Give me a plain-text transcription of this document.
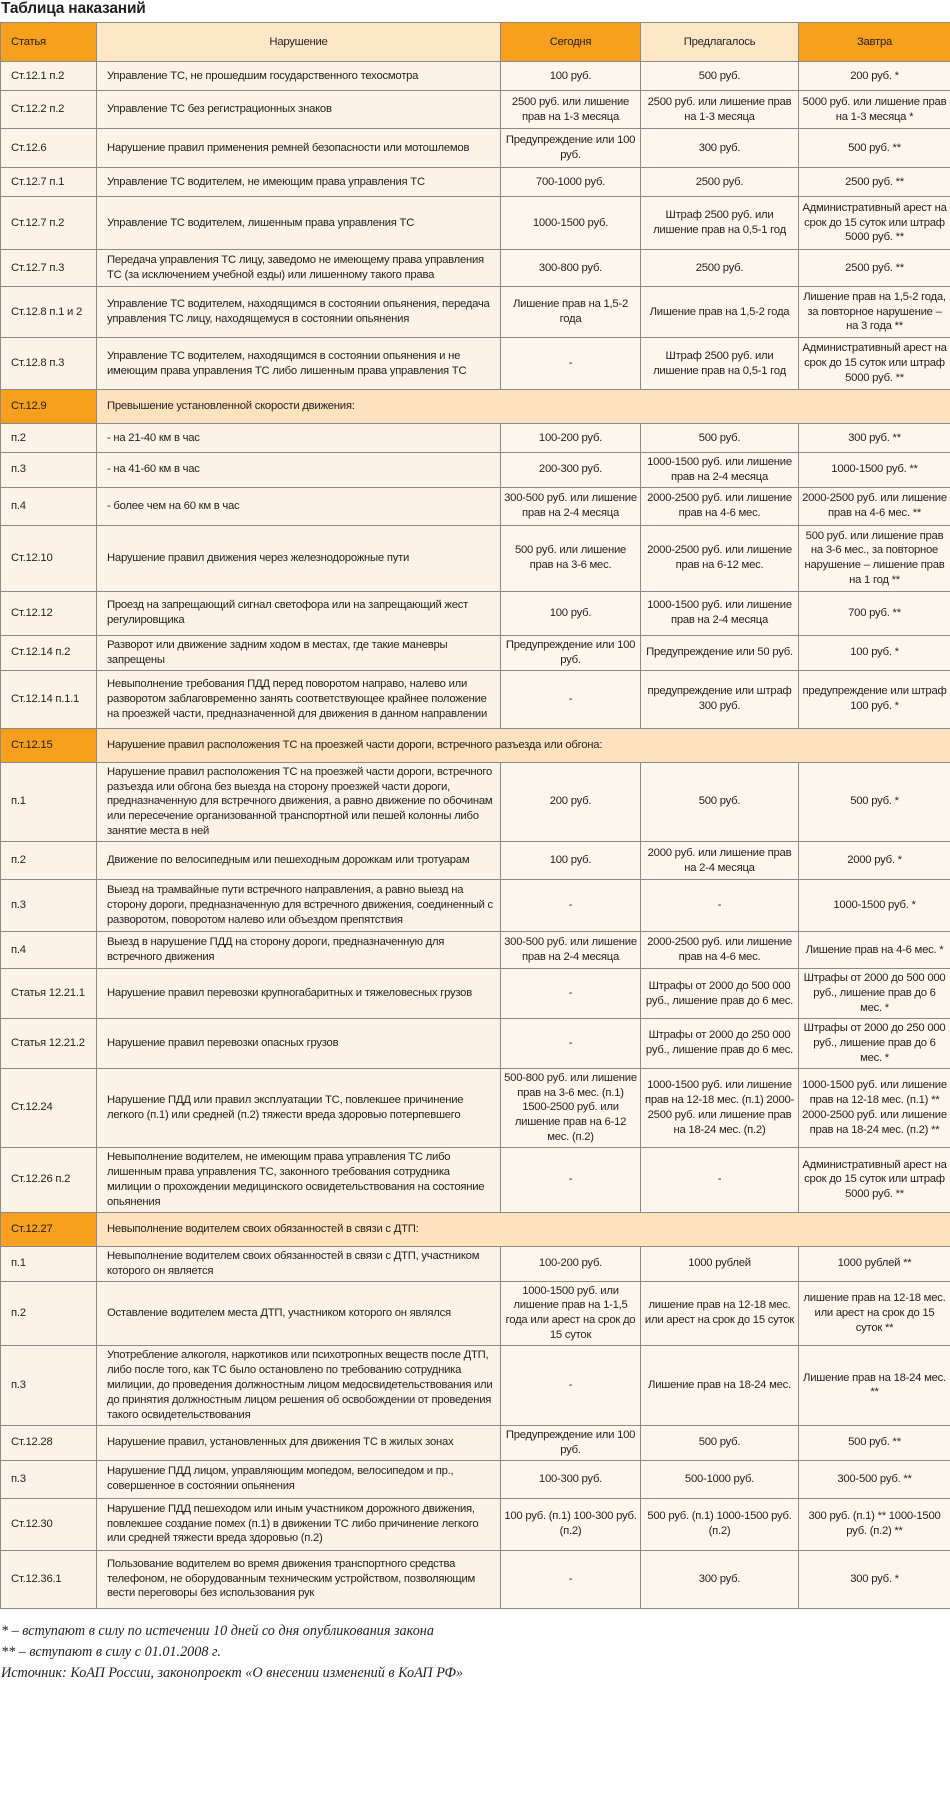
Таблица наказаний
Статья	Нарушение	Сегодня	Предлагалось	Завтра
Ст.12.1 п.2	Управление ТС, не прошедшим государственного техосмотра	100 руб.	500 руб.	200 руб. *
Ст.12.2 п.2	Управление ТС без регистрационных знаков	2500 руб. или лишение прав на 1-3 месяца	2500 руб. или лишение прав на 1-3 месяца	5000 руб. или лишение прав на 1-3 месяца *
Ст.12.6	Нарушение правил применения ремней безопасности или мотошлемов	Предупреждение или 100 руб.	300 руб.	500 руб. **
Ст.12.7 п.1	Управление ТС водителем, не имеющим права управления ТС	700-1000 руб.	2500 руб.	2500 руб. **
Ст.12.7 п.2	Управление ТС водителем, лишенным права управления ТС	1000-1500 руб.	Штраф 2500 руб. или лишение прав на 0,5-1 год	Административный арест на срок до 15 суток или штраф 5000 руб. **
Ст.12.7 п.3	Передача управления ТС лицу, заведомо не имеющему права управления ТС (за исключением учебной езды) или лишенному такого права	300-800 руб.	2500 руб.	2500 руб. **
Ст.12.8 п.1 и 2	Управление ТС водителем, находящимся в состоянии опьянения, передача управления ТС лицу, находящемуся в состоянии опьянения	Лишение прав на 1,5-2 года	Лишение прав на 1,5-2 года	Лишение прав на 1,5-2 года, за повторное нарушение – на 3 года **
Ст.12.8 п.3	Управление ТС водителем, находящимся в состоянии опьянения и не имеющим права управления ТС либо лишенным права управления ТС	-	Штраф 2500 руб. или лишение прав на 0,5-1 год	Административный арест на срок до 15 суток или штраф 5000 руб. **
Ст.12.9	Превышение установленной скорости движения:			
п.2	- на 21-40 км в час	100-200 руб.	500 руб.	300 руб. **
п.3	- на 41-60 км в час	200-300 руб.	1000-1500 руб. или лишение прав на 2-4 месяца	1000-1500 руб. **
п.4	- более чем на 60 км в час	300-500 руб. или лишение прав на 2-4 месяца	2000-2500 руб. или лишение прав на 4-6 мес.	2000-2500 руб. или лишение прав на 4-6 мес. **
Ст.12.10	Нарушение правил движения через железнодорожные пути	500 руб. или лишение прав на 3-6 мес.	2000-2500 руб. или лишение прав на 6-12 мес.	500 руб. или лишение прав на 3-6 мес., за повторное нарушение – лишение прав на 1 год **
Ст.12.12	Проезд на запрещающий сигнал светофора или на запрещающий жест регулировщика	100 руб.	1000-1500 руб. или лишение прав на 2-4 месяца	700 руб. **
Ст.12.14 п.2	Разворот или движение задним ходом в местах, где такие маневры запрещены	Предупреждение или 100 руб.	Предупреждение или 50 руб.	100 руб. *
Ст.12.14 п.1.1	Невыполнение требования ПДД перед поворотом направо, налево или разворотом заблаговременно занять соответствующее крайнее положение на проезжей части, предназначенной для движения в данном направлении	-	предупреждение или штраф 300 руб.	предупреждение или штраф 100 руб. *
Ст.12.15	Нарушение правил расположения ТС на проезжей части дороги, встречного разъезда или обгона:			
п.1	Нарушение правил расположения ТС на проезжей части дороги, встречного разъезда или обгона без выезда на сторону проезжей части дороги, предназначенную для встречного движения, а равно движение по обочинам или пересечение организованной транспортной или пешей колонны либо занятие места в ней	200 руб.	500 руб.	500 руб. *
п.2	Движение по велосипедным или пешеходным дорожкам или тротуарам	100 руб.	2000 руб. или лишение прав на 2-4 месяца	2000 руб. *
п.3	Выезд на трамвайные пути встречного направления, а равно выезд на сторону дороги, предназначенную для встречного движения, соединенный с разворотом, поворотом налево или объездом препятствия	-	-	1000-1500 руб. *
п.4	Выезд в нарушение ПДД на сторону дороги, предназначенную для встречного движения	300-500 руб. или лишение прав на 2-4 месяца	2000-2500 руб. или лишение прав на 4-6 мес.	Лишение прав на 4-6 мес. *
Статья 12.21.1	Нарушение правил перевозки крупногабаритных и тяжеловесных грузов	-	Штрафы от 2000 до 500 000 руб., лишение прав до 6 мес.	Штрафы от 2000 до 500 000 руб., лишение прав до 6 мес. *
Статья 12.21.2	Нарушение правил перевозки опасных грузов	-	Штрафы от 2000 до 250 000 руб., лишение прав до 6 мес.	Штрафы от 2000 до 250 000 руб., лишение прав до 6 мес. *
Ст.12.24	Нарушение ПДД или правил эксплуатации ТС, повлекшее причинение легкого (п.1) или средней (п.2) тяжести вреда здоровью потерпевшего	500-800 руб. или лишение прав на 3-6 мес. (п.1) 1500-2500 руб. или лишение прав на 6-12 мес. (п.2)	1000-1500 руб. или лишение прав на 12-18 мес. (п.1) 2000-2500 руб. или лишение прав на 18-24 мес. (п.2)	1000-1500 руб. или лишение прав на 12-18 мес. (п.1) ** 2000-2500 руб. или лишение прав на 18-24 мес. (п.2) **
Ст.12.26 п.2	Невыполнение водителем, не имеющим права управления ТС либо лишенным права управления ТС, законного требования сотрудника милиции о прохождении медицинского освидетельствования на состояние опьянения	-	-	Административный арест на срок до 15 суток или штраф 5000 руб. **
Ст.12.27	Невыполнение водителем своих обязанностей в связи с ДТП:			
п.1	Невыполнение водителем своих обязанностей в связи с ДТП, участником которого он является	100-200 руб.	1000 рублей	1000 рублей **
п.2	Оставление водителем места ДТП, участником которого он являлся	1000-1500 руб. или лишение прав на 1-1,5 года или арест на срок до 15 суток	лишение прав на 12-18 мес. или арест на срок до 15 суток	лишение прав на 12-18 мес. или арест на срок до 15 суток **
п.3	Употребление алкоголя, наркотиков или психотропных веществ после ДТП, либо после того, как ТС было остановлено по требованию сотрудника милиции, до проведения должностным лицом медосвидетельствования или до принятия должностным лицом решения об освобождении от проведения такого освидетельствования	-	Лишение прав на 18-24 мес.	Лишение прав на 18-24 мес. **
Ст.12.28	Нарушение правил, установленных для движения ТС в жилых зонах	Предупреждение или 100 руб.	500 руб.	500 руб. **
п.3	Нарушение ПДД лицом, управляющим мопедом, велосипедом и пр., совершенное в состоянии опьянения	100-300 руб.	500-1000 руб.	300-500 руб. **
Ст.12.30	Нарушение ПДД пешеходом или иным участником дорожного движения, повлекшее создание помех (п.1) в движении ТС либо причинение легкого или средней тяжести вреда здоровью (п.2)	100 руб. (п.1) 100-300 руб. (п.2)	500 руб. (п.1) 1000-1500 руб. (п.2)	300 руб. (п.1) ** 1000-1500 руб. (п.2) **
Ст.12.36.1	Пользование водителем во время движения транспортного средства телефоном, не оборудованным техническим устройством, позволяющим вести переговоры без использования рук	-	300 руб.	300 руб. *
* – вступают в силу по истечении 10 дней со дня опубликования закона
** – вступают в силу с 01.01.2008 г.
Источник: КоАП России, законопроект «О внесении изменений в КоАП РФ»
